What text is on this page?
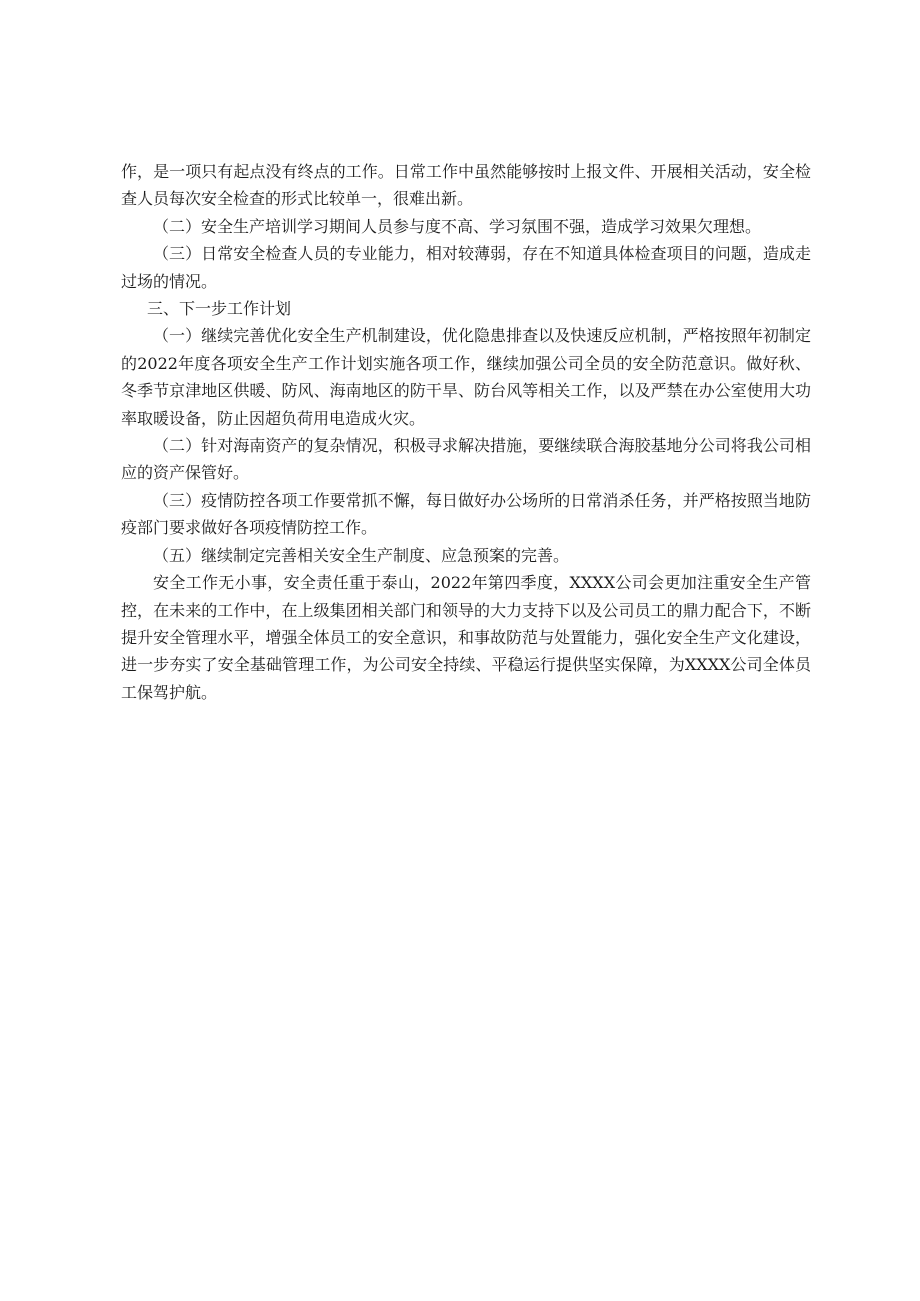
作，是一项只有起点没有终点的工作。日常工作中虽然能够按时上报文件、开展相关活动，安全检查人员每次安全检查的形式比较单一，很难出新。

（二）安全生产培训学习期间人员参与度不高、学习氛围不强，造成学习效果欠理想。

（三）日常安全检查人员的专业能力，相对较薄弱，存在不知道具体检查项目的问题，造成走过场的情况。

三、下一步工作计划

（一）继续完善优化安全生产机制建设，优化隐患排查以及快速反应机制，严格按照年初制定的2022年度各项安全生产工作计划实施各项工作，继续加强公司全员的安全防范意识。做好秋、冬季节京津地区供暖、防风、海南地区的防干旱、防台风等相关工作，以及严禁在办公室使用大功率取暖设备，防止因超负荷用电造成火灾。

（二）针对海南资产的复杂情况，积极寻求解决措施，要继续联合海胶基地分公司将我公司相应的资产保管好。

（三）疫情防控各项工作要常抓不懈，每日做好办公场所的日常消杀任务，并严格按照当地防疫部门要求做好各项疫情防控工作。

（五）继续制定完善相关安全生产制度、应急预案的完善。

安全工作无小事，安全责任重于泰山，2022年第四季度，XXXX公司会更加注重安全生产管控，在未来的工作中，在上级集团相关部门和领导的大力支持下以及公司员工的鼎力配合下，不断提升安全管理水平，增强全体员工的安全意识，和事故防范与处置能力，强化安全生产文化建设，进一步夯实了安全基础管理工作，为公司安全持续、平稳运行提供坚实保障，为XXXX公司全体员工保驾护航。
